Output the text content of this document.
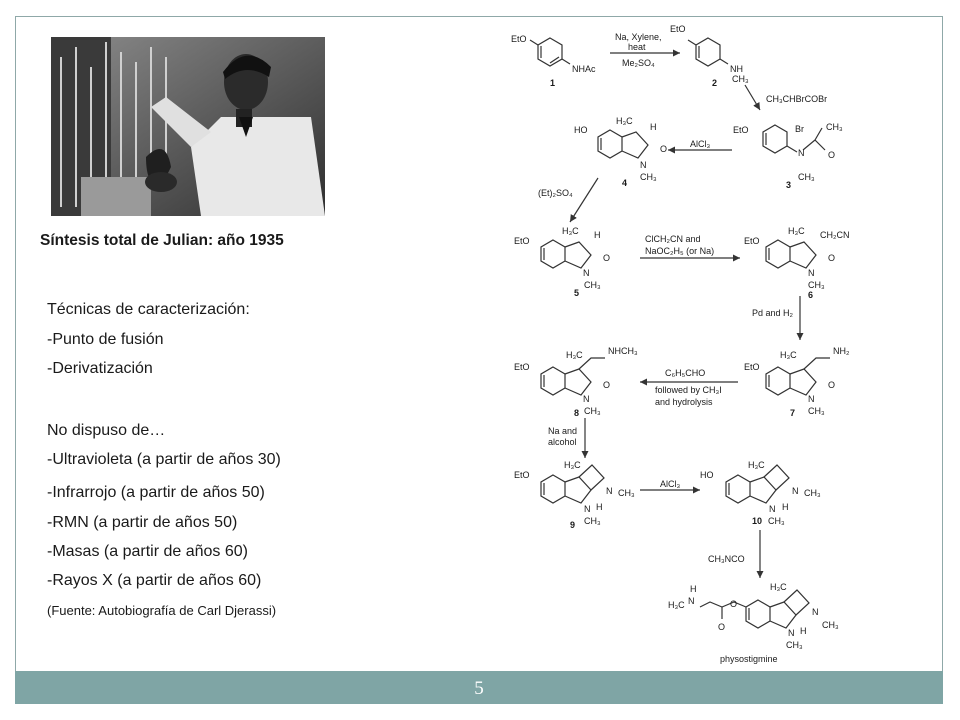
Síntesis total de Julian: año 1935
Técnicas de caracterización:
-Punto de fusión
-Derivatización
No dispuso de…
-Ultravioleta (a partir de años 30)
-Infrarrojo (a partir de años 50)
-RMN (a partir de años 50)
-Masas (a partir de años 60)
-Rayos X (a partir de años 60)
(Fuente: Autobiografía de Carl Djerassi)
EtO
NHAc
EtO
NH
CH₃
EtO
N
CH₃
Br CH₃
O
HO
H₃C
H
O
N
CH₃
EtO
H₃C H
O
N
CH₃
EtO
H₃C CH₂CN
O
N
CH₃
EtO
H₃C	NH₂
O
N
CH₃
EtO
H₃C	NHCH₃
O
N
CH₃
EtO
H₃C
N CH₃
N H
CH₃
HO
H₃C
N CH₃
N H
CH₃
N
H₃C
H
O
O
H₃C
N
CH₃
N H
CH₃
1	2
3
4
5	6
7
8
9	10
physostigmine
Na, Xylene,
heat
Me₂SO₄
CH₃CHBrCOBr
AlCl₃
(Et)₂SO₄
ClCH₂CN and
NaOC₂H₅ (or Na)
Pd and H₂
C₆H₅CHO
followed by CH₃I
and hydrolysis
Na and
alcohol
AlCl₃
CH₃NCO
5
